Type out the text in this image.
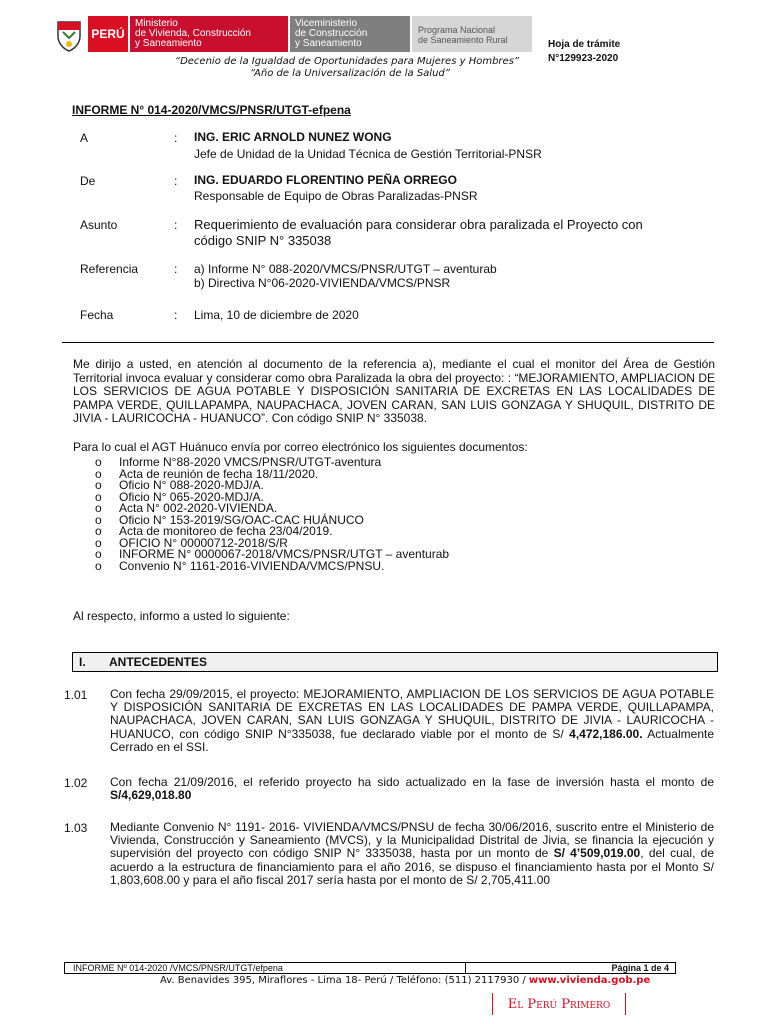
PERÚ
Ministerio
de Vivienda, Construcción
y Saneamiento
Viceministerio
de Construcción
y Saneamiento
Programa Nacional
de Saneamiento Rural	Hoja de trámite
N°129923-2020
“Decenio de la Igualdad de Oportunidades para Mujeres y Hombres”
“Año de la Universalización de la Salud”
INFORME N° 014-2020/VMCS/PNSR/UTGT-efpena
A	: ING. ERIC ARNOLD NUNEZ WONG
Jefe de Unidad de la Unidad Técnica de Gestión Territorial-PNSR
De	: ING. EDUARDO FLORENTINO PEÑA ORREGO
Responsable de Equipo de Obras Paralizadas-PNSR
Asunto	: Requerimiento de evaluación para considerar obra paralizada el Proyecto con código SNIP N° 335038
Referencia	: a) Informe N° 088-2020/VMCS/PNSR/UTGT – aventurab
b) Directiva N°06-2020-VIVIENDA/VMCS/PNSR
Fecha	: Lima, 10 de diciembre de 2020
Me dirijo a usted, en atención al documento de la referencia a), mediante el cual el monitor del Área de Gestión Territorial invoca evaluar y considerar como obra Paralizada la obra del proyecto: : “MEJORAMIENTO, AMPLIACION DE LOS SERVICIOS DE AGUA POTABLE Y DISPOSICIÓN SANITARIA DE EXCRETAS EN LAS LOCALIDADES DE PAMPA VERDE, QUILLAPAMPA, NAUPACHACA, JOVEN CARAN, SAN LUIS GONZAGA Y SHUQUIL, DISTRITO DE JIVIA - LAURICOCHA - HUANUCO”. Con código SNIP N° 335038.
Para lo cual el AGT Huánuco envía por correo electrónico los siguientes documentos:
o	Informe N°88-2020 VMCS/PNSR/UTGT-aventura
o	Acta de reunión de fecha 18/11/2020.
o	Oficio N° 088-2020-MDJ/A.
o	Oficio N° 065-2020-MDJ/A.
o	Acta N° 002-2020-VIVIENDA.
o	Oficio N° 153-2019/SG/OAC-CAC HUÁNUCO
o	Acta de monitoreo de fecha 23/04/2019.
o	OFICIO N° 00000712-2018/S/R
o	INFORME N° 0000067-2018/VMCS/PNSR/UTGT – aventurab
o	Convenio N° 1161-2016-VIVIENDA/VMCS/PNSU.
Al respecto, informo a usted lo siguiente:
I.	ANTECEDENTES
1.01 Con fecha 29/09/2015, el proyecto: MEJORAMIENTO, AMPLIACION DE LOS SERVICIOS DE AGUA POTABLE Y DISPOSICIÓN SANITARIA DE EXCRETAS EN LAS LOCALIDADES DE PAMPA VERDE, QUILLAPAMPA, NAUPACHACA, JOVEN CARAN, SAN LUIS GONZAGA Y SHUQUIL, DISTRITO DE JIVIA - LAURICOCHA - HUANUCO, con código SNIP N°335038, fue declarado viable por el monto de S/ 4,472,186.00. Actualmente Cerrado en el SSI.
1.02 Con fecha 21/09/2016, el referido proyecto ha sido actualizado en la fase de inversión hasta el monto de S/4,629,018.80
1.03 Mediante Convenio N° 1191- 2016- VIVIENDA/VMCS/PNSU de fecha 30/06/2016, suscrito entre el Ministerio de Vivienda, Construcción y Saneamiento (MVCS), y la Municipalidad Distrital de Jivia, se financia la ejecución y supervisión del proyecto con código SNIP N° 3335038, hasta por un monto de S/ 4’509,019.00, del cual, de acuerdo a la estructura de financiamiento para el año 2016, se dispuso el financiamiento hasta por el Monto S/ 1,803,608.00 y para el año fiscal 2017 sería hasta por el monto de S/ 2,705,411.00
INFORME Nº 014-2020 /VMCS/PNSR/UTGT/efpena	Página 1 de 4
Av. Benavides 395, Miraflores - Lima 18- Perú / Teléfono: (511) 2117930 / www.vivienda.gob.pe
El Perú Primero
